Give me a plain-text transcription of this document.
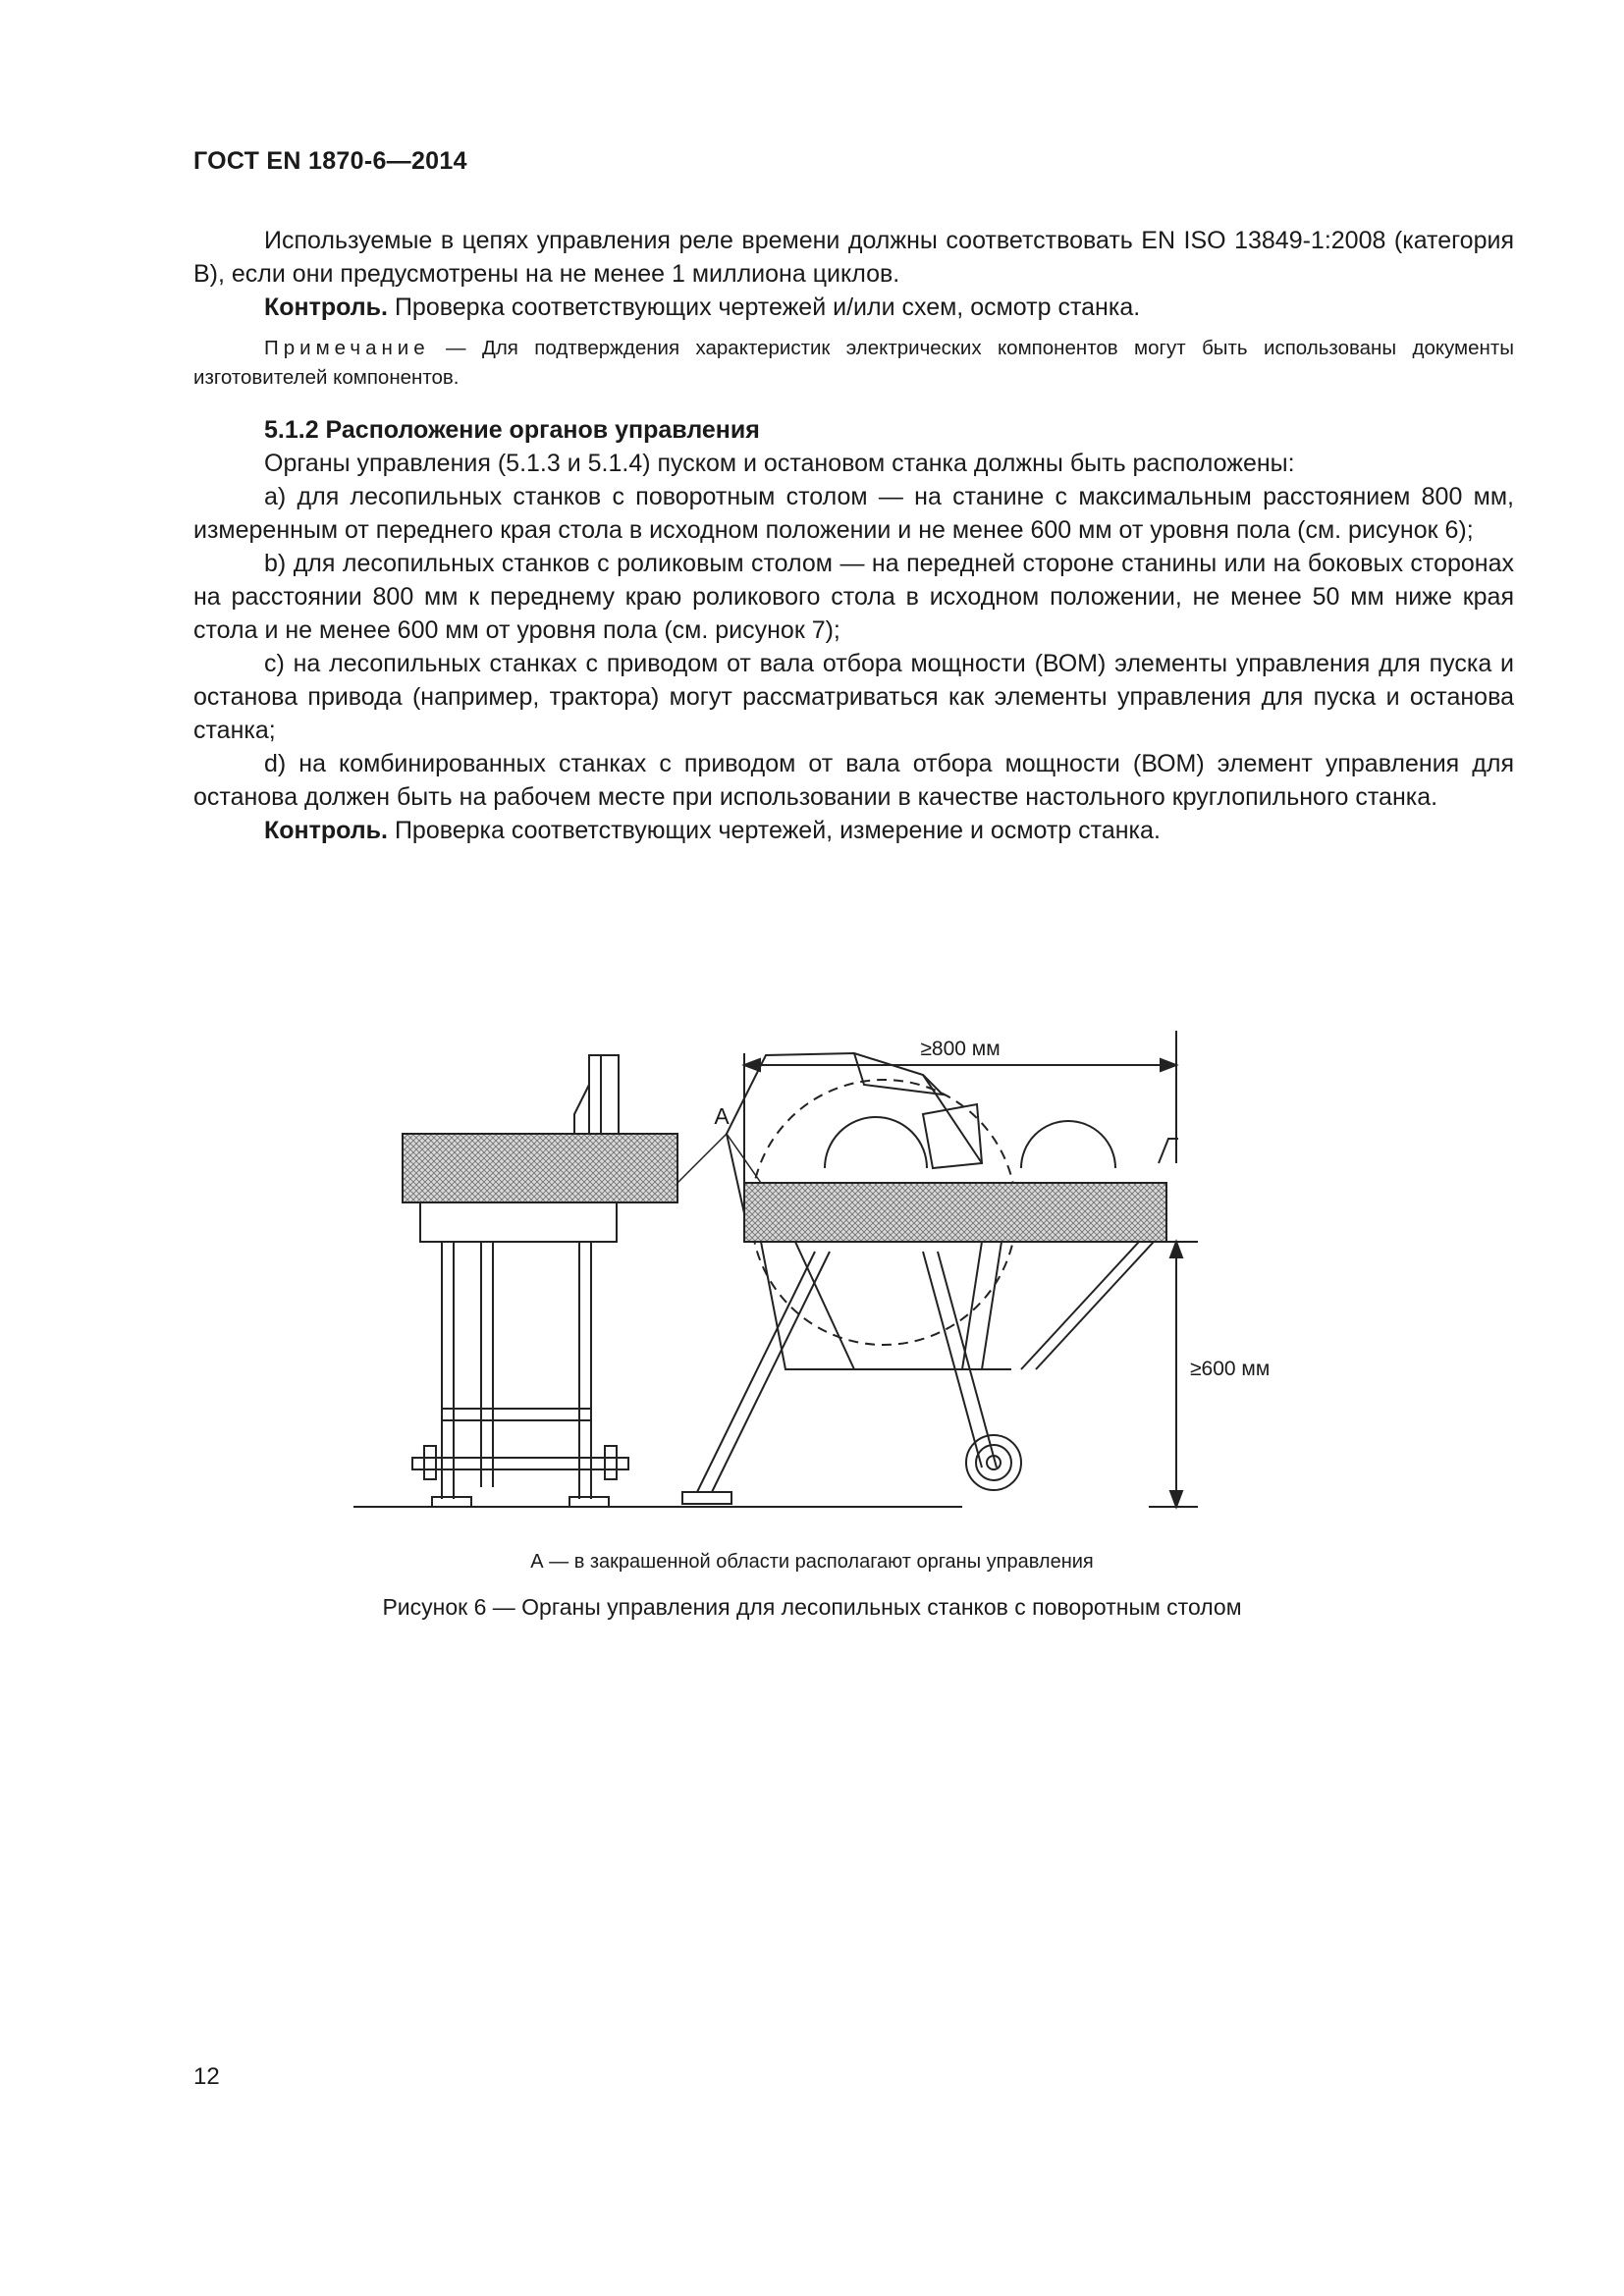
ГОСТ EN 1870-6—2014

Используемые в цепях управления реле времени должны соответствовать EN ISO 13849-1:2008 (категория В), если они предусмотрены на не менее 1 миллиона циклов.

Контроль. Проверка соответствующих чертежей и/или схем, осмотр станка.

Примечание — Для подтверждения характеристик электрических компонентов могут быть использованы документы изготовителей компонентов.

5.1.2 Расположение органов управления

Органы управления (5.1.3 и 5.1.4) пуском и остановом станка должны быть расположены:

a) для лесопильных станков с поворотным столом — на станине с максимальным расстоянием 800 мм, измеренным от переднего края стола в исходном положении и не менее 600 мм от уровня пола (см. рисунок 6);

b) для лесопильных станков с роликовым столом — на передней стороне станины или на боковых сторонах на расстоянии 800 мм к переднему краю роликового стола в исходном положении, не менее 50 мм ниже края стола и не менее 600 мм от уровня пола (см. рисунок 7);

c) на лесопильных станках с приводом от вала отбора мощности (ВОМ) элементы управления для пуска и останова привода (например, трактора) могут рассматриваться как элементы управления для пуска и останова станка;

d) на комбинированных станках с приводом от вала отбора мощности (ВОМ) элемент управления для останова должен быть на рабочем месте при использовании в качестве настольного круглопильного станка.

Контроль. Проверка соответствующих чертежей, измерение и осмотр станка.

≥800 мм
≥600 мм
А
А — в закрашенной области располагают органы управления
Рисунок 6 — Органы управления для лесопильных станков с поворотным столом
12
